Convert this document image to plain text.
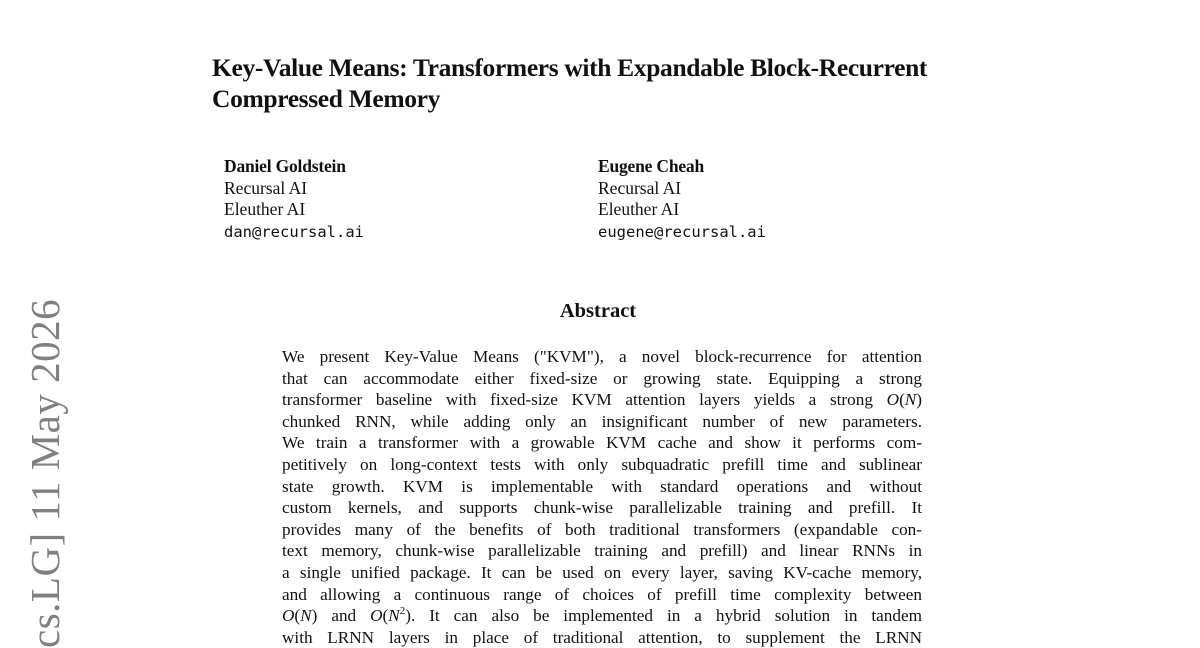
cs.LG] 11 May 2026
Key-Value Means: Transformers with Expandable Block-Recurrent
Compressed Memory
Daniel Goldstein
Recursal AI
Eleuther AI
dan@recursal.ai
Eugene Cheah
Recursal AI
Eleuther AI
eugene@recursal.ai
Abstract
We present Key-Value Means ("KVM"), a novel block-recurrence for attention
that can accommodate either fixed-size or growing state. Equipping a strong
transformer baseline with fixed-size KVM attention layers yields a strong O(N)
chunked RNN, while adding only an insignificant number of new parameters.
We train a transformer with a growable KVM cache and show it performs com-
petitively on long-context tests with only subquadratic prefill time and sublinear
state growth. KVM is implementable with standard operations and without
custom kernels, and supports chunk-wise parallelizable training and prefill. It
provides many of the benefits of both traditional transformers (expandable con-
text memory, chunk-wise parallelizable training and prefill) and linear RNNs in
a single unified package. It can be used on every layer, saving KV-cache memory,
and allowing a continuous range of choices of prefill time complexity between
O(N) and $O(N^2)$. It can also be implemented in a hybrid solution in tandem
with LRNN layers in place of traditional attention, to supplement the LRNN
